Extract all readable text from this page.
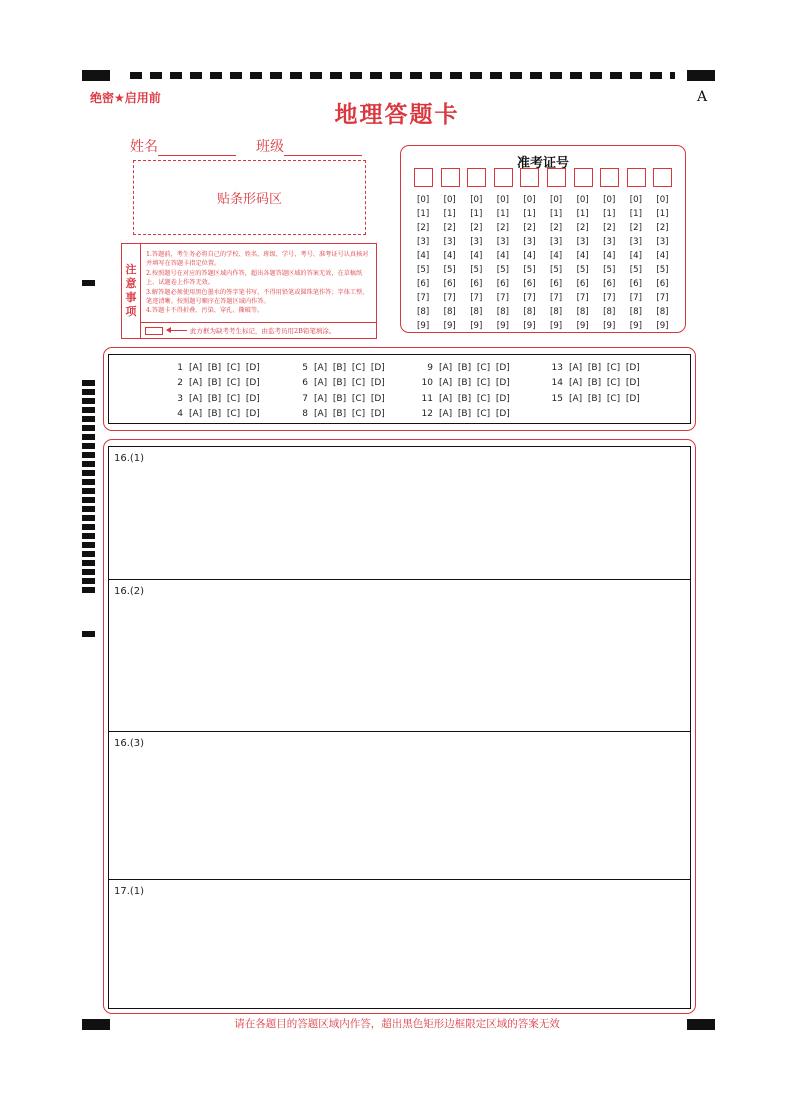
绝密★启用前	A
地理答题卡
姓名	班级
贴条形码区
注
意
事
项
1.答题前，考生务必将自己的学校、姓名、班级、学号、考号、准考证号认真核对并填写在答题卡指定位置。
2.按照题号在对应的答题区域内作答，超出各题答题区域的答案无效，在草稿纸上、试题卷上作答无效。
3.解答题必须使用黑色墨水的签字笔书写，不得用铅笔或圆珠笔作答；字体工整、笔迹清晰。按照题号顺序在答题区域内作答。
4.答题卡不得折叠、污染、穿孔、撕破等。
此方框为缺考考生标记，由监考员用2B铅笔填涂。
准考证号
[0]
[1]
[2]
[3]
[4]
[5]
[6]
[7]
[8]
[9]
[0]
[1]
[2]
[3]
[4]
[5]
[6]
[7]
[8]
[9]
[0]
[1]
[2]
[3]
[4]
[5]
[6]
[7]
[8]
[9]
[0]
[1]
[2]
[3]
[4]
[5]
[6]
[7]
[8]
[9]
[0]
[1]
[2]
[3]
[4]
[5]
[6]
[7]
[8]
[9]
[0]
[1]
[2]
[3]
[4]
[5]
[6]
[7]
[8]
[9]
[0]
[1]
[2]
[3]
[4]
[5]
[6]
[7]
[8]
[9]
[0]
[1]
[2]
[3]
[4]
[5]
[6]
[7]
[8]
[9]
[0]
[1]
[2]
[3]
[4]
[5]
[6]
[7]
[8]
[9]
[0]
[1]
[2]
[3]
[4]
[5]
[6]
[7]
[8]
[9]
1 [A]  [B]  [C]  [D]
2 [A]  [B]  [C]  [D]
3 [A]  [B]  [C]  [D]
4 [A]  [B]  [C]  [D]
5 [A]  [B]  [C]  [D]
6 [A]  [B]  [C]  [D]
7 [A]  [B]  [C]  [D]
8 [A]  [B]  [C]  [D]
9 [A]  [B]  [C]  [D]
10 [A]  [B]  [C]  [D]
11 [A]  [B]  [C]  [D]
12 [A]  [B]  [C]  [D]
13 [A]  [B]  [C]  [D]
14 [A]  [B]  [C]  [D]
15 [A]  [B]  [C]  [D]
16.(1)
16.(2)
16.(3)
17.(1)
请在各题目的答题区域内作答，超出黑色矩形边框限定区域的答案无效
